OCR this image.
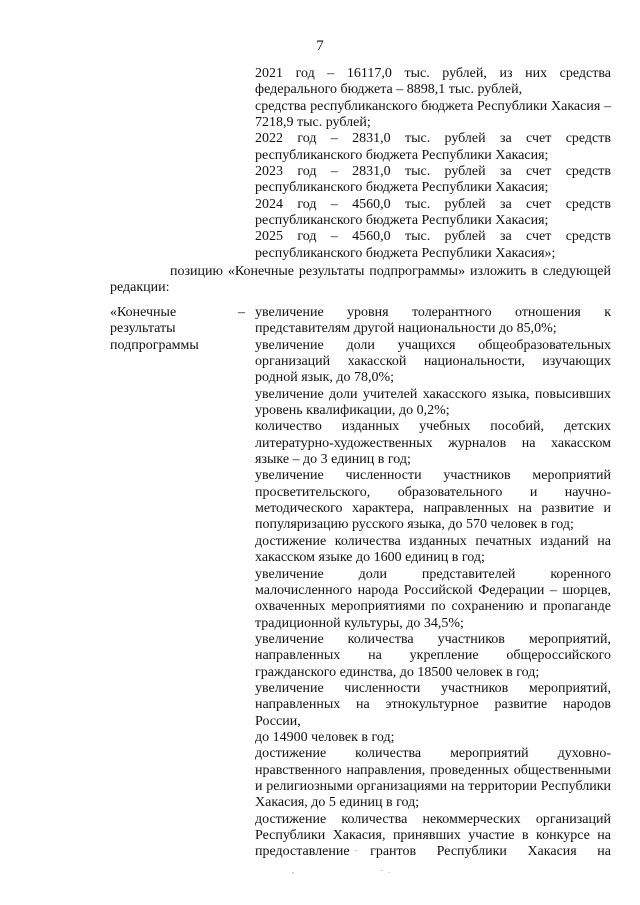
7
2021 год – 16117,0 тыс. рублей, из них средства
федерального бюджета – 8898,1 тыс. рублей,
средства республиканского бюджета Республики Хакасия –
7218,9 тыс. рублей;
2022 год – 2831,0 тыс. рублей за счет средств
республиканского бюджета Республики Хакасия;
2023 год – 2831,0 тыс. рублей за счет средств
республиканского бюджета Республики Хакасия;
2024 год – 4560,0 тыс. рублей за счет средств
республиканского бюджета Республики Хакасия;
2025 год – 4560,0 тыс. рублей за счет средств
республиканского бюджета Республики Хакасия»;
позицию «Конечные результаты подпрограммы» изложить в следующей
редакции:
«Конечные
результаты
подпрограммы
– увеличение уровня толерантного отношения к
представителям другой национальности до 85,0%;
увеличение доли учащихся общеобразовательных
организаций хакасской национальности, изучающих
родной язык, до 78,0%;
увеличение доли учителей хакасского языка, повысивших
уровень квалификации, до 0,2%;
количество изданных учебных пособий, детских
литературно-художественных журналов на хакасском
языке – до 3 единиц в год;
увеличение численности участников мероприятий
просветительского, образовательного и научно-
методического характера, направленных на развитие и
популяризацию русского языка, до 570 человек в год;
достижение количества изданных печатных изданий на
хакасском языке до 1600 единиц в год;
увеличение доли представителей коренного
малочисленного народа Российской Федерации – шорцев,
охваченных мероприятиями по сохранению и пропаганде
традиционной культуры, до 34,5%;
увеличение количества участников мероприятий,
направленных на укрепление общероссийского
гражданского единства, до 18500 человек в год;
увеличение численности участников мероприятий,
направленных на этнокультурное развитие народов России,
до 14900 человек в год;
достижение количества мероприятий духовно-
нравственного направления, проведенных общественными
и религиозными организациями на территории Республики
Хакасия, до 5 единиц в год;
достижение количества некоммерческих организаций
Республики Хакасия, принявших участие в конкурсе на
предоставление грантов Республики Хакасия на
